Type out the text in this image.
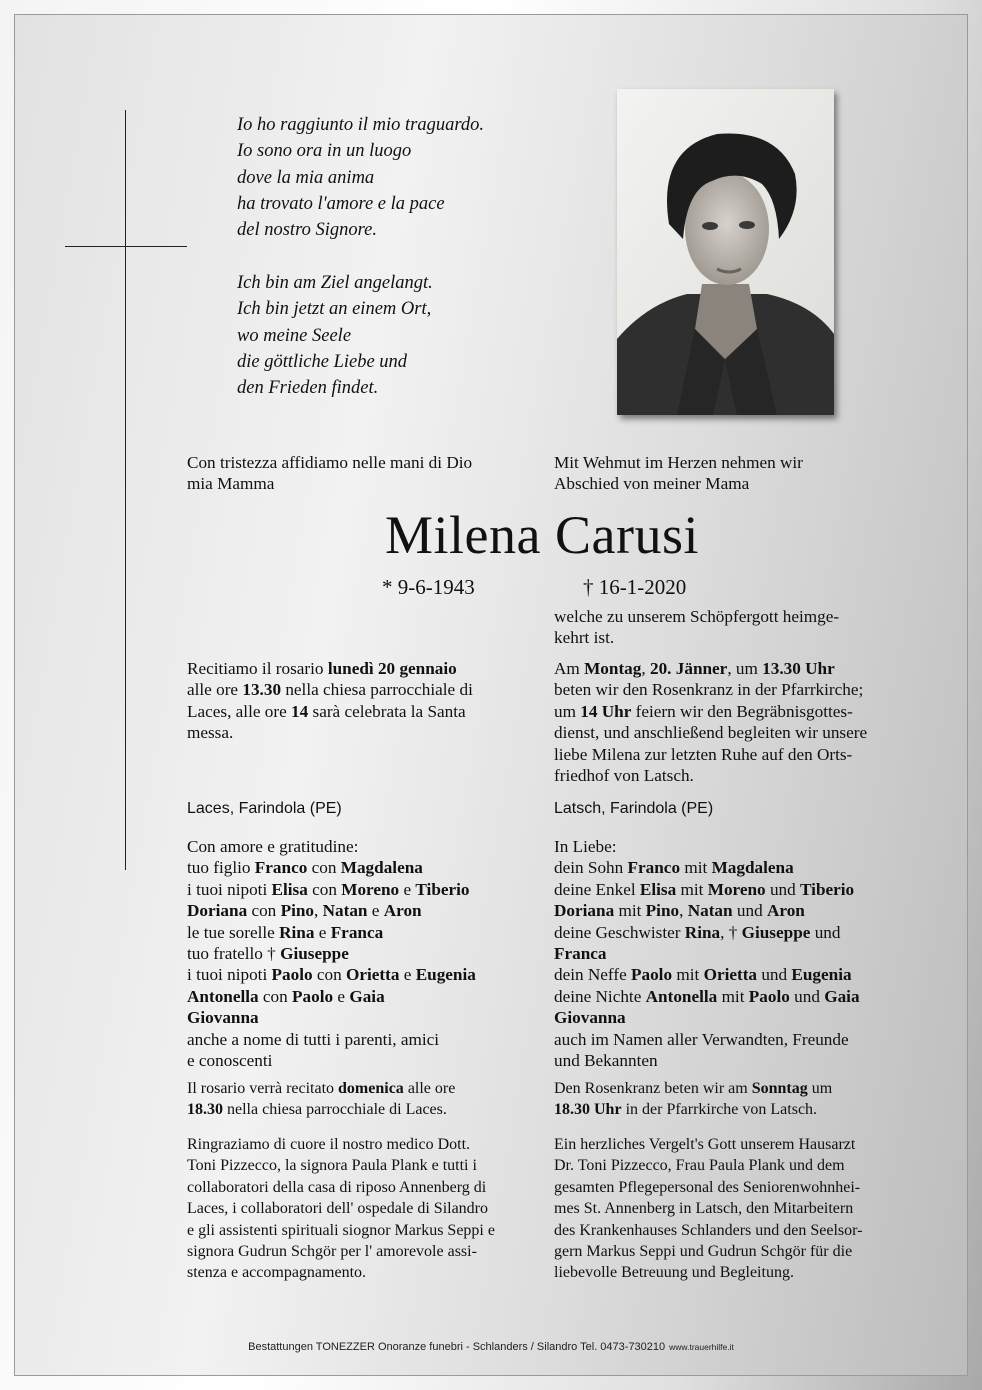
Io ho raggiunto il mio traguardo.
Io sono ora in un luogo
dove la mia anima
ha trovato l'amore e la pace
del nostro Signore.
Ich bin am Ziel angelangt.
Ich bin jetzt an einem Ort,
wo meine Seele
die göttliche Liebe und
den Frieden findet.
Con tristezza affidiamo nelle mani di Dio
mia Mamma
Mit Wehmut im Herzen nehmen wir
Abschied von meiner Mama
Milena Carusi
* 9-6-1943	† 16-1-2020
welche zu unserem Schöpfergott heimge-
kehrt ist.
Recitiamo il rosario lunedì 20 gennaio
alle ore 13.30 nella chiesa parrocchiale di
Laces, alle ore 14 sarà celebrata la Santa
messa.
Am Montag, 20. Jänner, um 13.30 Uhr
beten wir den Rosenkranz in der Pfarrkirche;
um 14 Uhr feiern wir den Begräbnisgottes-
dienst, und anschließend begleiten wir unsere
liebe Milena zur letzten Ruhe auf den Orts-
friedhof von Latsch.
Laces, Farindola (PE)	Latsch, Farindola (PE)
Con amore e gratitudine:
tuo figlio Franco con Magdalena
i tuoi nipoti Elisa con Moreno e Tiberio
Doriana con Pino, Natan e Aron
le tue sorelle Rina e Franca
tuo fratello † Giuseppe
i tuoi nipoti Paolo con Orietta e Eugenia
Antonella con Paolo e Gaia
Giovanna
anche a nome di tutti i parenti, amici
e conoscenti
In Liebe:
dein Sohn Franco mit Magdalena
deine Enkel Elisa mit Moreno und Tiberio
Doriana mit Pino, Natan und Aron
deine Geschwister Rina, † Giuseppe und
Franca
dein Neffe Paolo mit Orietta und Eugenia
deine Nichte Antonella mit Paolo und Gaia
Giovanna
auch im Namen aller Verwandten, Freunde
und Bekannten
Il rosario verrà recitato domenica alle ore
18.30 nella chiesa parrocchiale di Laces.
Den Rosenkranz beten wir am Sonntag um
18.30 Uhr in der Pfarrkirche von Latsch.
Ringraziamo di cuore il nostro medico Dott.
Toni Pizzecco, la signora Paula Plank e tutti i
collaboratori della casa di riposo Annenberg di
Laces, i collaboratori dell' ospedale di Silandro
e gli assistenti spirituali siognor Markus Seppi e
signora Gudrun Schgör per l' amorevole assi-
stenza e accompagnamento.
Ein herzliches Vergelt's Gott unserem Hausarzt
Dr. Toni Pizzecco, Frau Paula Plank und dem
gesamten Pflegepersonal des Seniorenwohnhei-
mes St. Annenberg in Latsch, den Mitarbeitern
des Krankenhauses Schlanders und den Seelsor-
gern Markus Seppi und Gudrun Schgör für die
liebevolle Betreuung und Begleitung.
Bestattungen TONEZZER Onoranze funebri - Schlanders / Silandro Tel. 0473-730210 www.trauerhilfe.it
